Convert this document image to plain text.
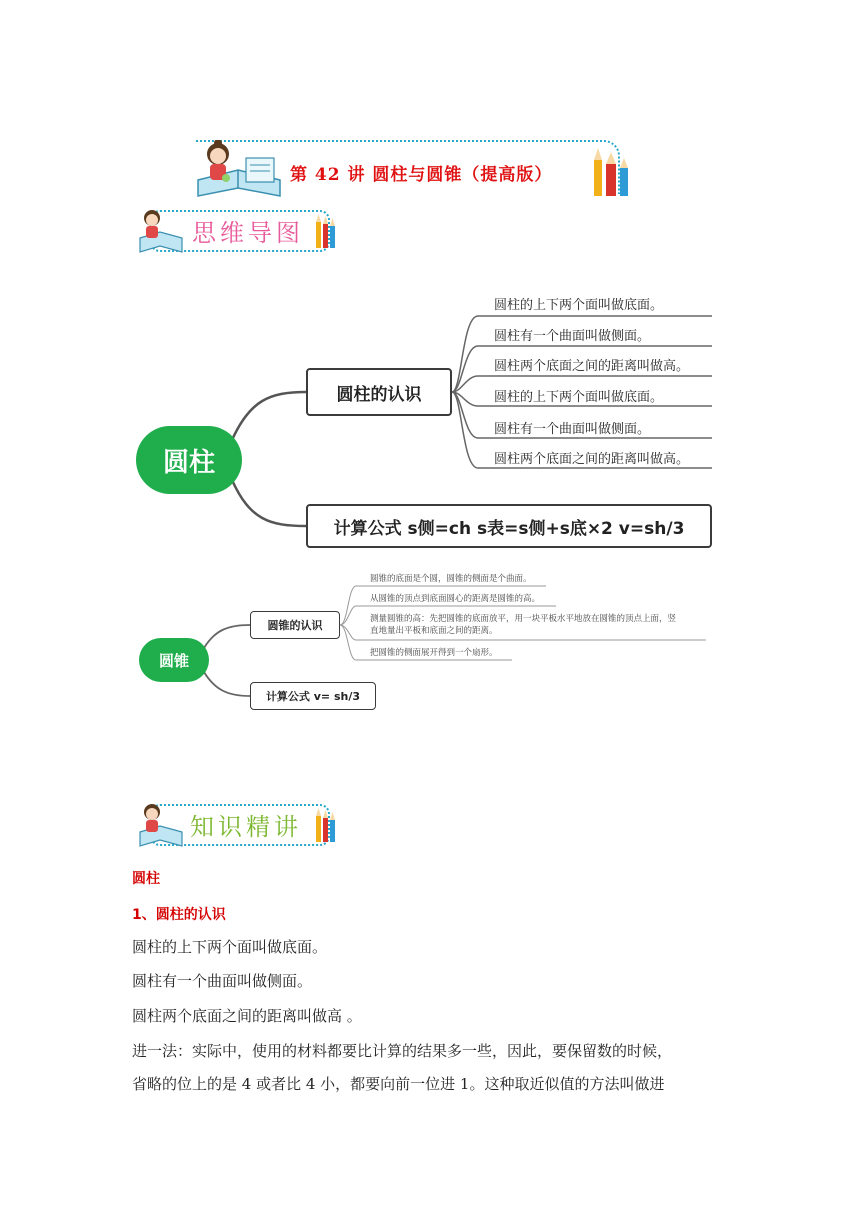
第 42 讲 圆柱与圆锥（提高版）
思维导图
圆柱
圆柱的认识
计算公式 s侧=ch s表=s侧+s底×2 v=sh/3
圆柱的上下两个面叫做底面。
圆柱有一个曲面叫做侧面。
圆柱两个底面之间的距离叫做高。
圆柱的上下两个面叫做底面。
圆柱有一个曲面叫做侧面。
圆柱两个底面之间的距离叫做高。
圆锥
圆锥的认识
计算公式 v= sh/3
圆锥的底面是个圆，圆锥的侧面是个曲面。
从圆锥的顶点到底面圆心的距离是圆锥的高。
测量圆锥的高：先把圆锥的底面放平，用一块平板水平地放在圆锥的顶点上面，竖
直地量出平板和底面之间的距离。
把圆锥的侧面展开得到一个扇形。
知识精讲
圆柱
1、圆柱的认识
圆柱的上下两个面叫做底面。
圆柱有一个曲面叫做侧面。
圆柱两个底面之间的距离叫做高 。
进一法：实际中，使用的材料都要比计算的结果多一些，因此，要保留数的时候，
省略的位上的是 4 或者比 4 小，都要向前一位进 1。这种取近似值的方法叫做进
